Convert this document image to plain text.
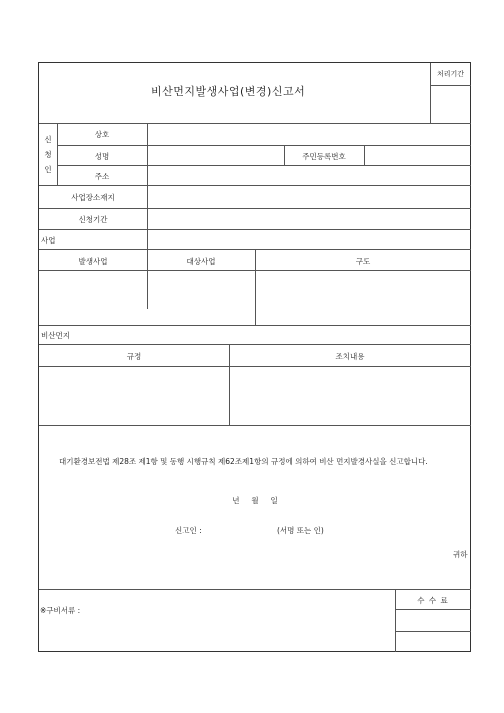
비산먼지발생사업(변경)신고서
처리기간
신
청
인
상호
성명	주민등록번호
주소
사업장소재지
신청기간
사업
발생사업	대상사업	구도
비산먼지
규정	조치내용
대기환경보전법 제28조 제1항 및 동행 시행규칙 제62조제1항의 규정에 의하여 비산 먼지발경사실을 신고합니다.
년     월     일
신고인 :	(서명 또는 인)
귀하
※구비서류 :
수 수 료
